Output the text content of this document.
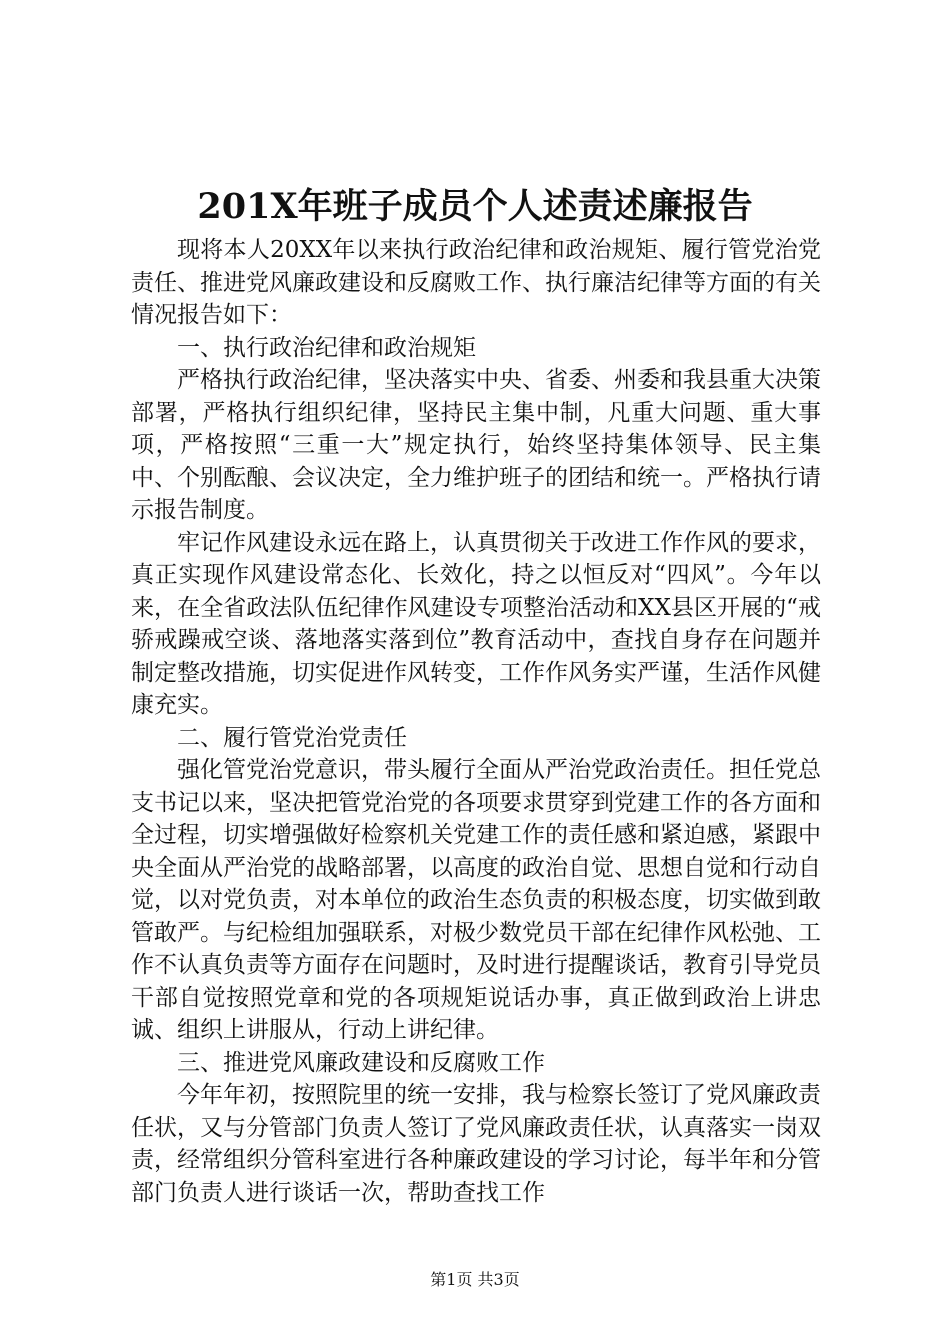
201X年班子成员个人述责述廉报告

现将本人20XX年以来执行政治纪律和政治规矩、履行管党治党责任、推进党风廉政建设和反腐败工作、执行廉洁纪律等方面的有关情况报告如下：

一、执行政治纪律和政治规矩

严格执行政治纪律，坚决落实中央、省委、州委和我县重大决策部署，严格执行组织纪律，坚持民主集中制，凡重大问题、重大事项，严格按照“三重一大”规定执行，始终坚持集体领导、民主集中、个别酝酿、会议决定，全力维护班子的团结和统一。严格执行请示报告制度。

牢记作风建设永远在路上，认真贯彻关于改进工作作风的要求，真正实现作风建设常态化、长效化，持之以恒反对“四风”。今年以来，在全省政法队伍纪律作风建设专项整治活动和XX县区开展的“戒骄戒躁戒空谈、落地落实落到位”教育活动中，查找自身存在问题并制定整改措施，切实促进作风转变，工作作风务实严谨，生活作风健康充实。

二、履行管党治党责任

强化管党治党意识，带头履行全面从严治党政治责任。担任党总支书记以来，坚决把管党治党的各项要求贯穿到党建工作的各方面和全过程，切实增强做好检察机关党建工作的责任感和紧迫感，紧跟中央全面从严治党的战略部署，以高度的政治自觉、思想自觉和行动自觉，以对党负责，对本单位的政治生态负责的积极态度，切实做到敢管敢严。与纪检组加强联系，对极少数党员干部在纪律作风松弛、工作不认真负责等方面存在问题时，及时进行提醒谈话，教育引导党员干部自觉按照党章和党的各项规矩说话办事，真正做到政治上讲忠诚、组织上讲服从，行动上讲纪律。

三、推进党风廉政建设和反腐败工作

今年年初，按照院里的统一安排，我与检察长签订了党风廉政责任状，又与分管部门负责人签订了党风廉政责任状，认真落实一岗双责，经常组织分管科室进行各种廉政建设的学习讨论，每半年和分管部门负责人进行谈话一次，帮助查找工作

第1页 共3页
